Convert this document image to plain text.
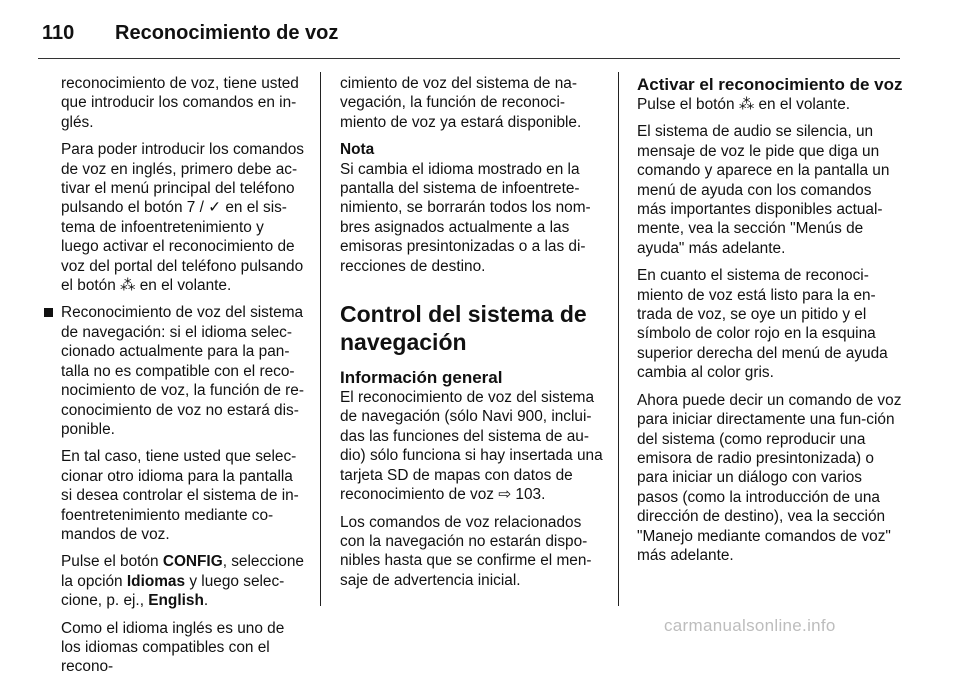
110 Reconocimiento de voz

reconocimiento de voz, tiene usted que introducir los comandos en in-glés.

Para poder introducir los comandos de voz en inglés, primero debe ac-tivar el menú principal del teléfono pulsando el botón 7 / ✓ en el sis-tema de infoentretenimiento y luego activar el reconocimiento de voz del portal del teléfono pulsando el botón ⁂ en el volante.

Reconocimiento de voz del sistema de navegación: si el idioma selec-cionado actualmente para la pan-talla no es compatible con el reco-nocimiento de voz, la función de re-conocimiento de voz no estará dis-ponible.

En tal caso, tiene usted que selec-cionar otro idioma para la pantalla si desea controlar el sistema de in-foentretenimiento mediante co-mandos de voz.

Pulse el botón CONFIG, seleccione la opción Idiomas y luego selec-cione, p. ej., English.

Como el idioma inglés es uno de los idiomas compatibles con el recono-

cimiento de voz del sistema de na-vegación, la función de reconoci-miento de voz ya estará disponible.

Nota

Si cambia el idioma mostrado en la pantalla del sistema de infoentrete-nimiento, se borrarán todos los nom-bres asignados actualmente a las emisoras presintonizadas o a las di-recciones de destino.

Control del sistema de navegación
Información general

El reconocimiento de voz del sistema de navegación (sólo Navi 900, inclui-das las funciones del sistema de au-dio) sólo funciona si hay insertada una tarjeta SD de mapas con datos de reconocimiento de voz ⇨ 103.

Los comandos de voz relacionados con la navegación no estarán dispo-nibles hasta que se confirme el men-saje de advertencia inicial.

Activar el reconocimiento de voz

Pulse el botón ⁂ en el volante.

El sistema de audio se silencia, un mensaje de voz le pide que diga un comando y aparece en la pantalla un menú de ayuda con los comandos más importantes disponibles actual-mente, vea la sección "Menús de ayuda" más adelante.

En cuanto el sistema de reconoci-miento de voz está listo para la en-trada de voz, se oye un pitido y el símbolo de color rojo en la esquina superior derecha del menú de ayuda cambia al color gris.

Ahora puede decir un comando de voz para iniciar directamente una fun-ción del sistema (como reproducir una emisora de radio presintonizada) o para iniciar un diálogo con varios pasos (como la introducción de una dirección de destino), vea la sección "Manejo mediante comandos de voz" más adelante.

carmanualsonline.info
